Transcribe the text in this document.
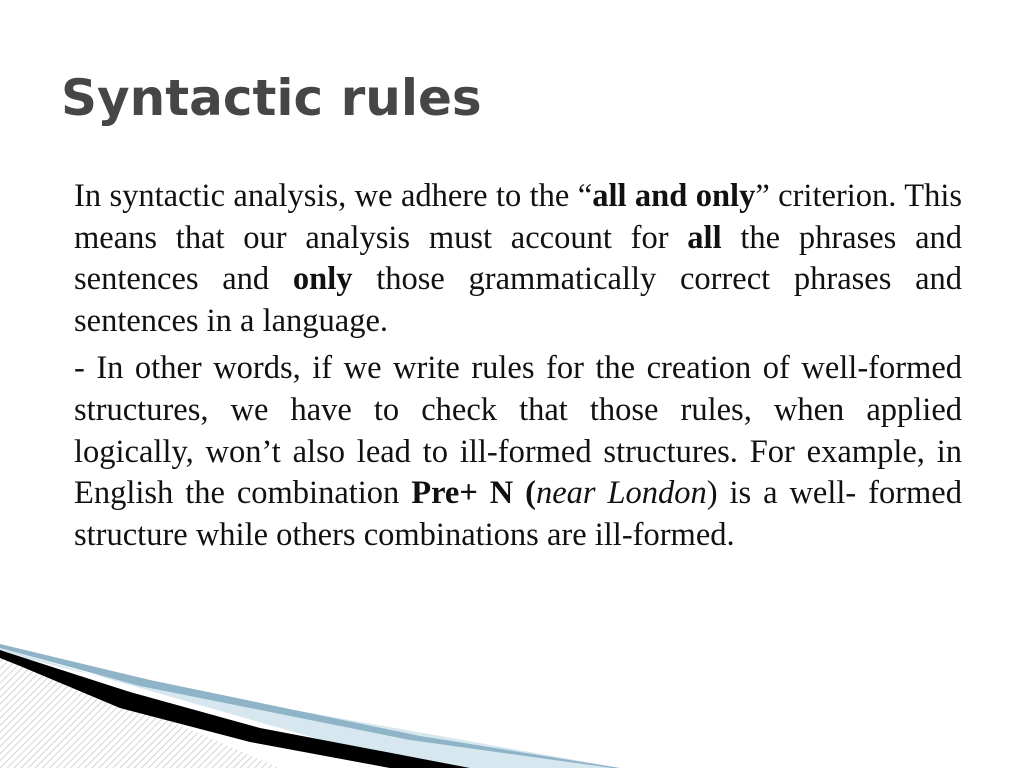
Syntactic rules

In syntactic analysis, we adhere to the “all and only” criterion. This means that our analysis must account for all the phrases and sentences and only those grammatically correct phrases and sentences in a language.

- In other words, if we write rules for the creation of well-formed structures, we have to check that those rules, when applied logically, won’t also lead to ill-formed structures. For example, in English the combination Pre+ N (near London) is a well- formed structure while others combinations are ill-formed.
